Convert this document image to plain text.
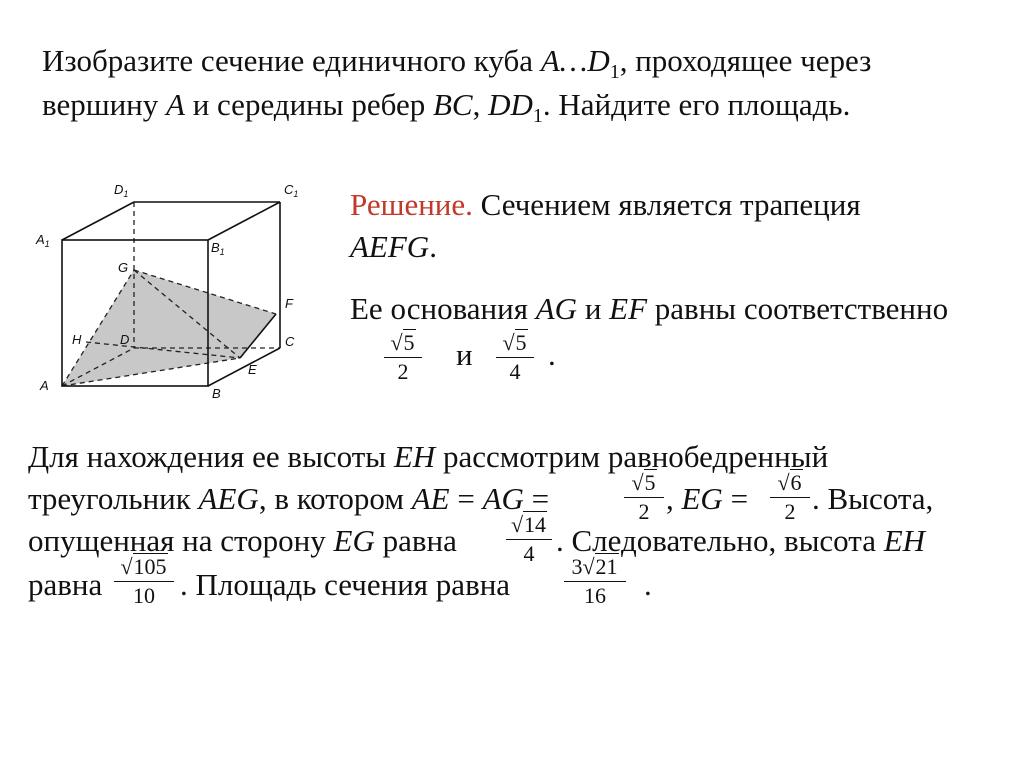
Изобразите сечение единичного куба $A\dots D_1$, проходящее через
вершину A и середины ребер BC, $DD_1$. Найдите его площадь.
$D_1$	$C_1$
$A_1$	$B_1$
G
F
H	D	C
E
A
B
Решение. Сечением является трапеция
AEFG.
Ее основания AG и EF равны соответственно
√5
2	и √5
4 .
Для нахождения ее высоты EH рассмотрим равнобедренный
треугольник AEG, в котором AE = AG =	√5
2 , EG =	√6
2 . Высота,
опущенная на сторону EG равна √14
4 . Следовательно, высота EH
равна
√105
10 . Площадь сечения равна
3√21
16	.
